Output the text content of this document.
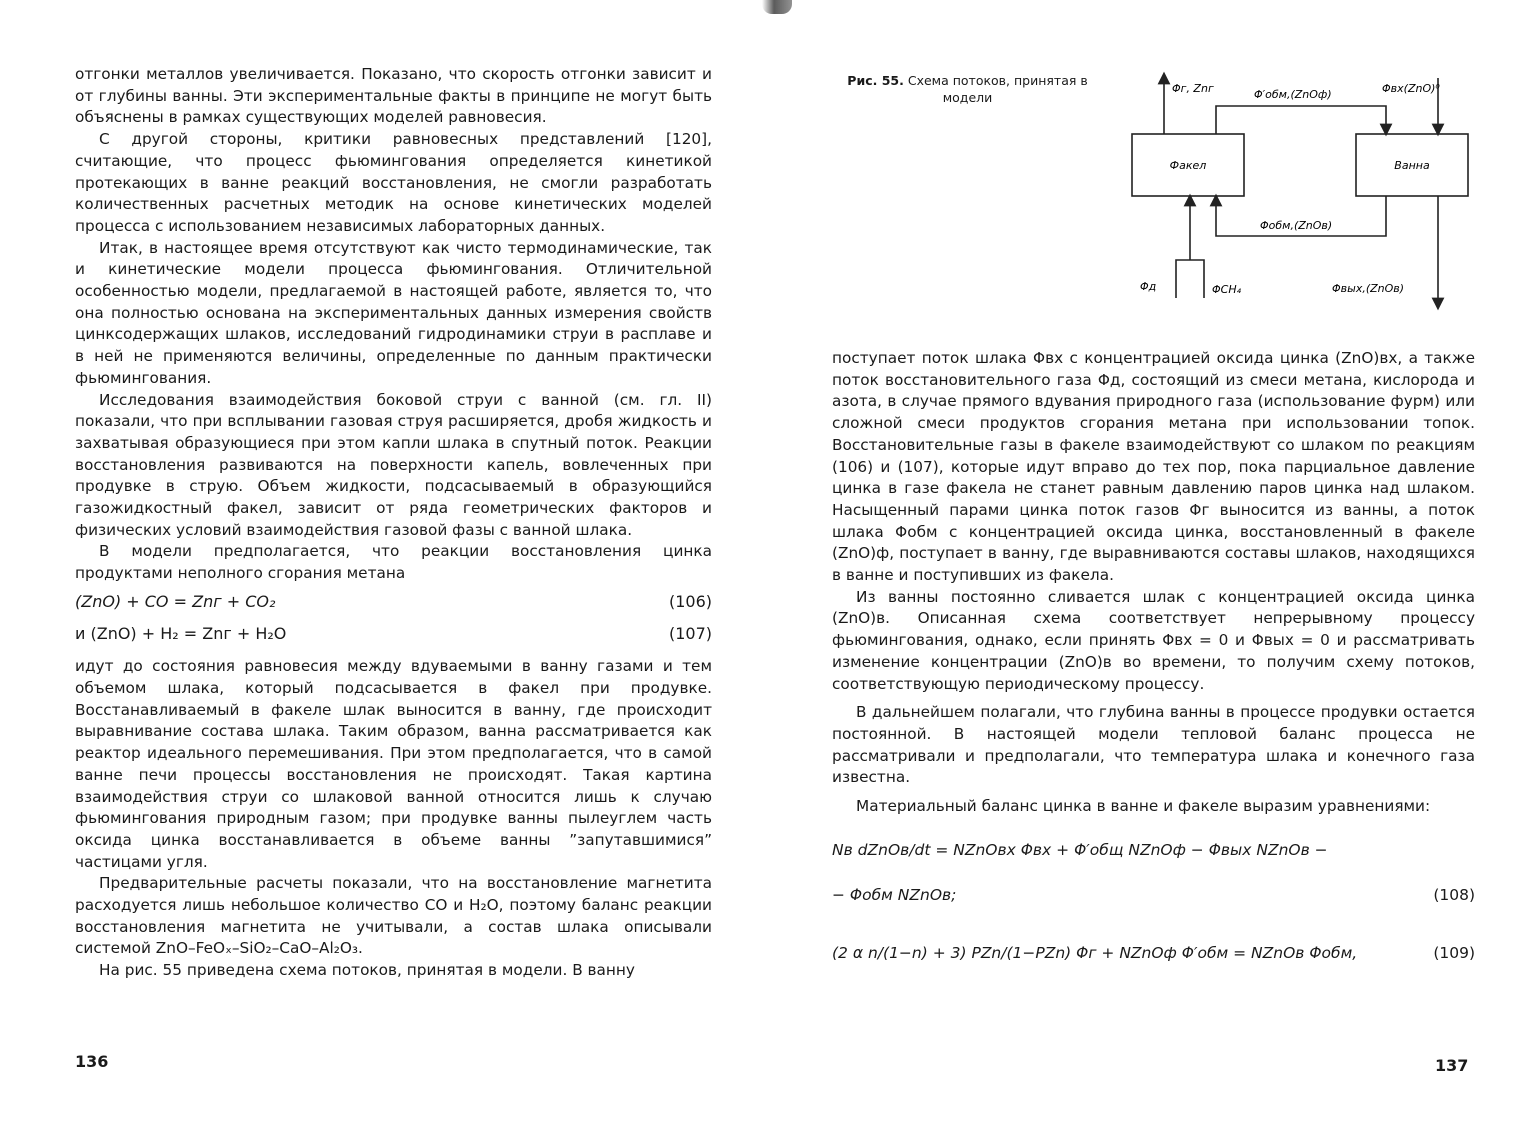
отгонки металлов увеличивается. Показано, что скорость отгонки зависит и от глубины ванны. Эти экспериментальные факты в принципе не могут быть объяснены в рамках существующих моделей равновесия.

С другой стороны, критики равновесных представлений [120], считающие, что процесс фьюмингования определяется кинетикой протекающих в ванне реакций восстановления, не смогли разработать количественных расчетных методик на основе кинетических моделей процесса с использованием независимых лабораторных данных.

Итак, в настоящее время отсутствуют как чисто термодинамические, так и кинетические модели процесса фьюмингования. Отличительной особенностью модели, предлагаемой в настоящей работе, является то, что она полностью основана на экспериментальных данных измерения свойств цинксодержащих шлаков, исследований гидродинамики струи в расплаве и в ней не применяются величины, определенные по данным практически фьюмингования.

Исследования взаимодействия боковой струи с ванной (см. гл. II) показали, что при всплывании газовая струя расширяется, дробя жидкость и захватывая образующиеся при этом капли шлака в спутный поток. Реакции восстановления развиваются на поверхности капель, вовлеченных при продувке в струю. Объем жидкости, подсасываемый в образующийся газожидкостный факел, зависит от ряда геометрических факторов и физических условий взаимодействия газовой фазы с ванной шлака.

В модели предполагается, что реакции восстановления цинка продуктами неполного сгорания метана

(ZnO) + CO = Znг + CO₂	(106)
и (ZnO) + H₂ = Znг + H₂O	(107)

идут до состояния равновесия между вдуваемыми в ванну газами и тем объемом шлака, который подсасывается в факел при продувке. Восстанавливаемый в факеле шлак выносится в ванну, где происходит выравнивание состава шлака. Таким образом, ванна рассматривается как реактор идеального перемешивания. При этом предполагается, что в самой ванне печи процессы восстановления не происходят. Такая картина взаимодействия струи со шлаковой ванной относится лишь к случаю фьюмингования природным газом; при продувке ванны пылеуглем часть оксида цинка восстанавливается в объеме ванны ”запутавшимися” частицами угля.

Предварительные расчеты показали, что на восстановление магнетита расходуется лишь небольшое количество CO и H₂O, поэтому баланс реакции восстановления магнетита не учитывали, а состав шлака описывали системой ZnO–FeOₓ–SiO₂–CaO–Al₂O₃.

На рис. 55 приведена схема потоков, принятая в модели. В ванну

136
Рис. 55. Схема потоков, принятая в модели
Факел	Ванна
Φг, Znг	Φ′обм,(ZnOф)	Φвх(ZnO)⁰
Φобм,(ZnOв)
Φд	ΦCH₄	Φвых,(ZnOв)

поступает поток шлака Φвх с концентрацией оксида цинка (ZnO)вх, а также поток восстановительного газа Φд, состоящий из смеси метана, кислорода и азота, в случае прямого вдувания природного газа (использование фурм) или сложной смеси продуктов сгорания метана при использовании топок. Восстановительные газы в факеле взаимодействуют со шлаком по реакциям (106) и (107), которые идут вправо до тех пор, пока парциальное давление цинка в газе факела не станет равным давлению паров цинка над шлаком. Насыщенный парами цинка поток газов Φг выносится из ванны, а поток шлака Φобм с концентрацией оксида цинка, восстановленный в факеле (ZnO)ф, поступает в ванну, где выравниваются составы шлаков, находящихся в ванне и поступивших из факела.

Из ванны постоянно сливается шлак с концентрацией оксида цинка (ZnO)в. Описанная схема соответствует непрерывному процессу фьюмингования, однако, если принять Φвх = 0 и Φвых = 0 и рассматривать изменение концентрации (ZnO)в во времени, то получим схему потоков, соответствующую периодическому процессу.

В дальнейшем полагали, что глубина ванны в процессе продувки остается постоянной. В настоящей модели тепловой баланс процесса не рассматривали и предполагали, что температура шлака и конечного газа известна.

Материальный баланс цинка в ванне и факеле выразим уравнениями:

Nв dZnOв/dt = NZnOвх Φвх + Φ′общ NZnOф − Φвых NZnOв −
− Φобм NZnOв;	(108)
(2 α n/(1−n) + 3) PZn/(1−PZn) Φг + NZnOф Φ′обм = NZnOв Φобм,	(109)
137
